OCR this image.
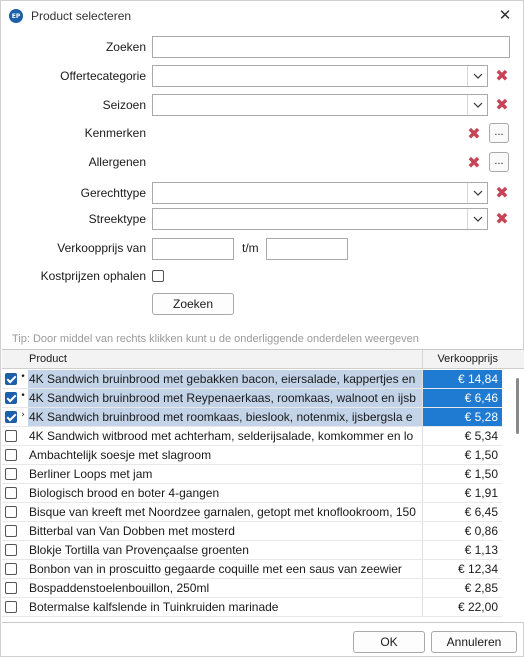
EP Product selecteren	✕
Zoeken
Offertecategorie	✖
Seizoen	✖
Kenmerken	✖	...
Allergenen	✖	...
Gerechttype	✖
Streektype	✖
Verkoopprijs van	t/m
Kostprijzen ophalen
Zoeken
Tip: Door middel van rechts klikken kunt u de onderliggende onderdelen weergeven
Product	Verkoopprijs
• 4K Sandwich bruinbrood met gebakken bacon, eiersalade, kappertjes en	€ 14,84
• 4K Sandwich bruinbrood met Reypenaerkaas, roomkaas, walnoot en ijsb	€ 6,46
› 4K Sandwich bruinbrood met roomkaas, bieslook, notenmix, ijsbergsla e	€ 5,28
4K Sandwich witbrood met achterham, selderijsalade, komkommer en lo	€ 5,34
Ambachtelijk soesje met slagroom	€ 1,50
Berliner Loops met jam	€ 1,50
Biologisch brood en boter 4-gangen	€ 1,91
Bisque van kreeft met Noordzee garnalen, getopt met knoflookroom, 150	€ 6,45
Bitterbal van Van Dobben met mosterd	€ 0,86
Blokje Tortilla van Provençaalse groenten	€ 1,13
Bonbon van in proscuitto gegaarde coquille met een saus van zeewier	€ 12,34
Bospaddenstoelenbouillon, 250ml	€ 2,85
Botermalse kalfslende in Tuinkruiden marinade	€ 22,00
OK	Annuleren
